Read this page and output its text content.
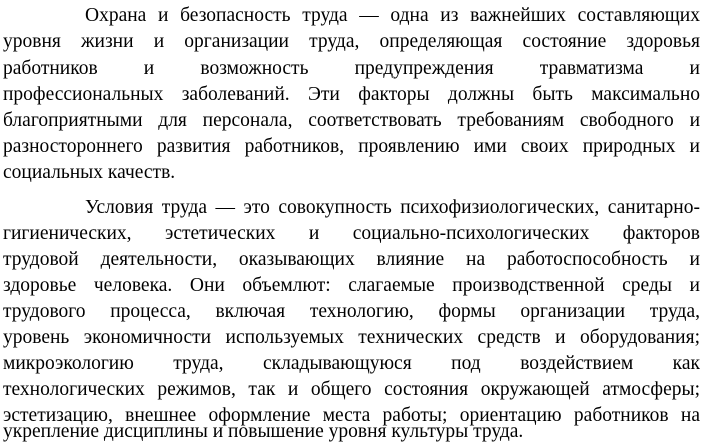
Охрана и безопасность труда — одна из важнейших составляющих

уровня жизни и организации труда, определяющая состояние здоровья

работников и возможность предупреждения травматизма и

профессиональных заболеваний. Эти факторы должны быть максимально

благоприятными для персонала, соответствовать требованиям свободного и

разностороннего развития работников, проявлению ими своих природных и

социальных качеств.

Условия труда — это совокупность психофизиологических, санитарно-

гигиенических, эстетических и социально-психологических факторов

трудовой деятельности, оказывающих влияние на работоспособность и

здоровье человека. Они объемлют: слагаемые производственной среды и

трудового процесса, включая технологию, формы организации труда,

уровень экономичности используемых технических средств и оборудования;

микроэкологию труда, складывающуюся под воздействием как

технологических режимов, так и общего состояния окружающей атмосферы;

эстетизацию, внешнее оформление места работы; ориентацию работников на

укрепление дисциплины и повышение уровня культуры труда.
